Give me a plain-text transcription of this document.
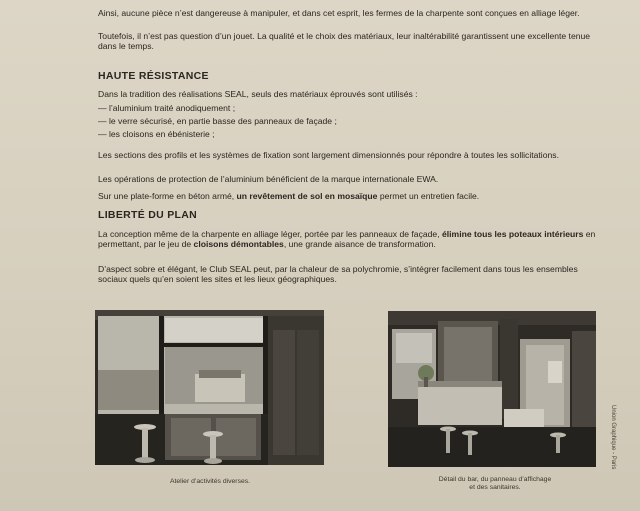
Ainsi, aucune pièce n’est dangereuse à manipuler, et dans cet esprit, les fermes de la charpente sont conçues en alliage léger.
Toutefois, il n’est pas question d’un jouet. La qualité et le choix des matériaux, leur inaltérabilité garantissent une excellente tenue dans le temps.
HAUTE RÉSISTANCE
Dans la tradition des réalisations SEAL, seuls des matériaux éprouvés sont utilisés :
— l’aluminium traité anodiquement ;
— le verre sécurisé, en partie basse des panneaux de façade ;
— les cloisons en ébénisterie ;
Les sections des profils et les systèmes de fixation sont largement dimensionnés pour répondre à toutes les sollicitations.
Les opérations de protection de l’aluminium bénéficient de la marque internationale EWA.
Sur une plate-forme en béton armé, un revêtement de sol en mosaïque permet un entretien facile.
LIBERTÉ DU PLAN
La conception même de la charpente en alliage léger, portée par les panneaux de façade, élimine tous les poteaux intérieurs en permettant, par le jeu de cloisons démontables, une grande aisance de transformation.
D’aspect sobre et élégant, le Club SEAL peut, par la chaleur de sa polychromie, s’intégrer facilement dans tous les ensembles sociaux quels qu’en soient les sites et les lieux géographiques.
Atelier d’activités diverses.	Détail du bar, du panneau d’affichage
et des sanitaires.
Union Graphique - Paris
